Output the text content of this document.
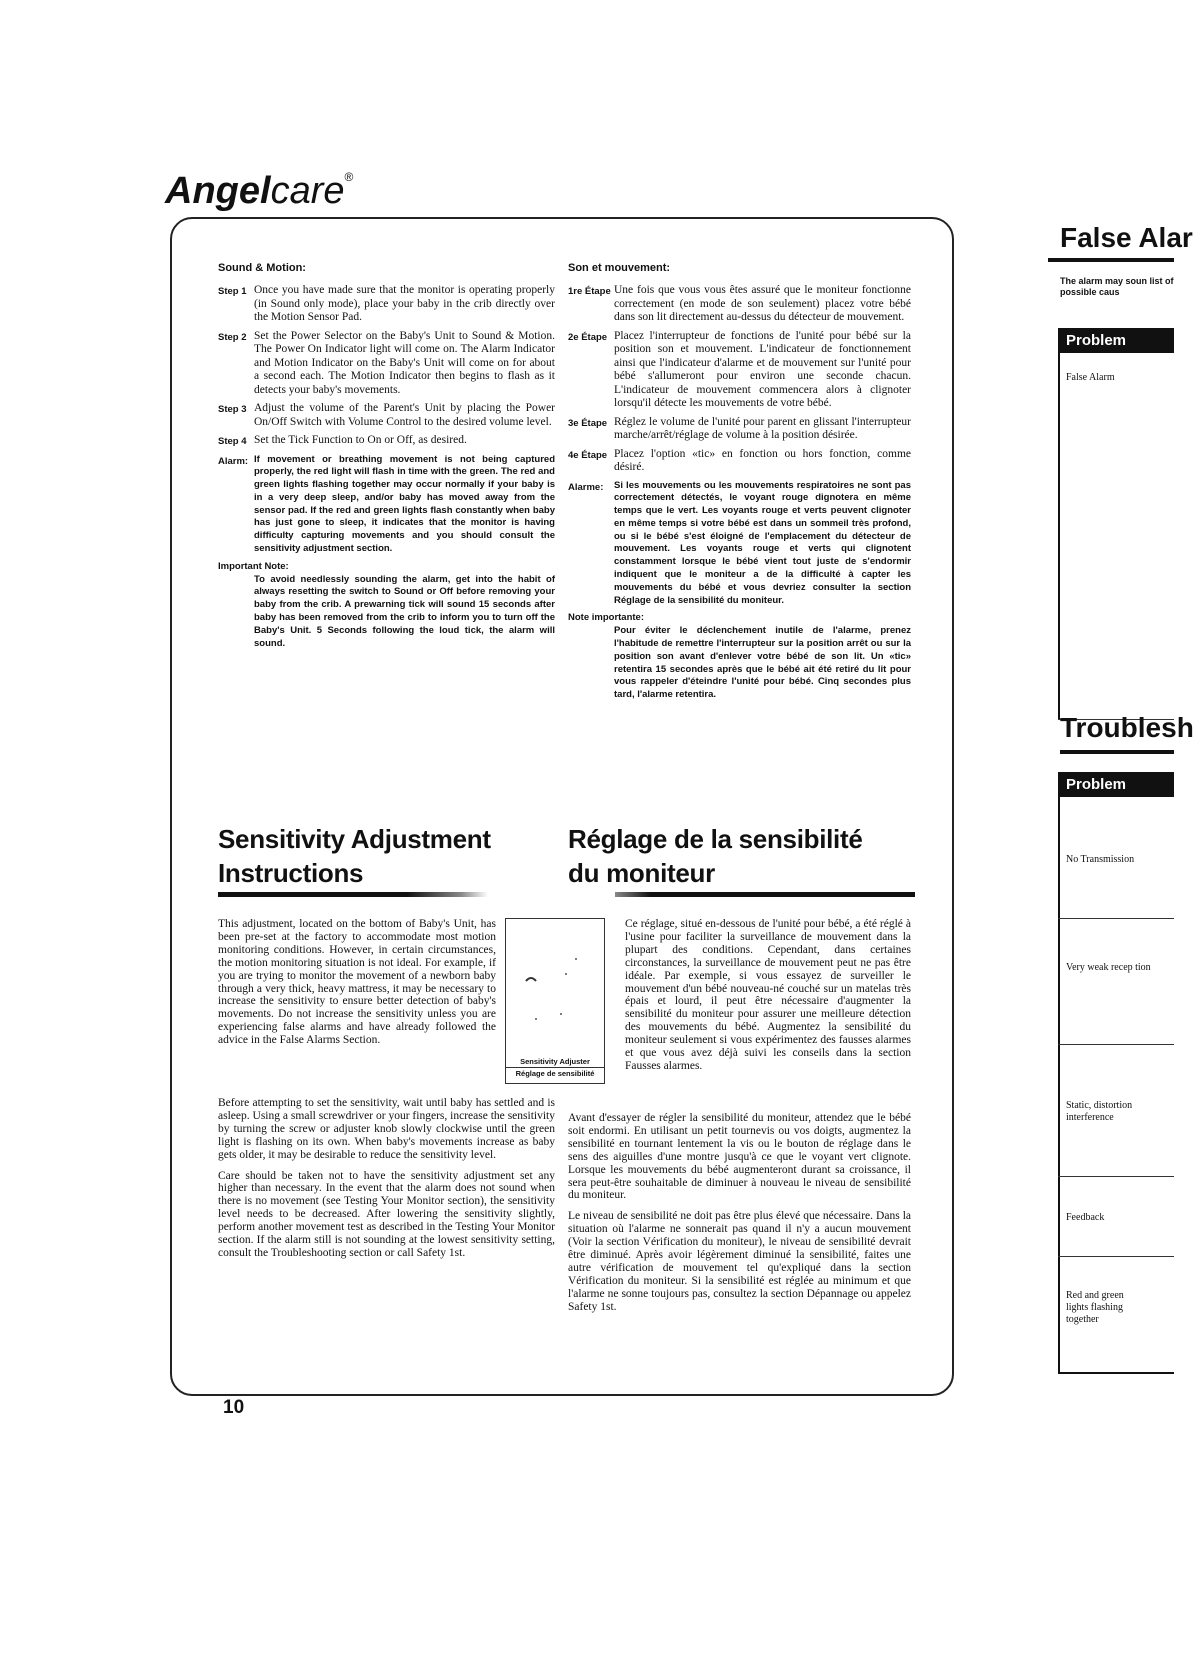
Angelcare®
Sound & Motion:
Step 1 Once you have made sure that the monitor is operating properly (in Sound only mode), place your baby in the crib directly over the Motion Sensor Pad.
Step 2 Set the Power Selector on the Baby's Unit to Sound & Motion. The Power On Indicator light will come on. The Alarm Indicator and Motion Indicator on the Baby's Unit will come on for about a second each. The Motion Indicator then begins to flash as it detects your baby's movements.
Step 3 Adjust the volume of the Parent's Unit by placing the Power On/Off Switch with Volume Control to the desired volume level.
Step 4 Set the Tick Function to On or Off, as desired.
Alarm: If movement or breathing movement is not being captured properly, the red light will flash in time with the green. The red and green lights flashing together may occur normally if your baby is in a very deep sleep, and/or baby has moved away from the sensor pad. If the red and green lights flash constantly when baby has just gone to sleep, it indicates that the monitor is having difficulty capturing movements and you should consult the sensitivity adjustment section.
Important Note:
To avoid needlessly sounding the alarm, get into the habit of always resetting the switch to Sound or Off before removing your baby from the crib. A prewarning tick will sound 15 seconds after baby has been removed from the crib to inform you to turn off the Baby's Unit. 5 Seconds following the loud tick, the alarm will sound.
Son et mouvement:
1re Étape Une fois que vous vous êtes assuré que le moniteur fonctionne correctement (en mode de son seulement) placez votre bébé dans son lit directement au-dessus du détecteur de mouvement.
2e Étape Placez l'interrupteur de fonctions de l'unité pour bébé sur la position son et mouvement. L'indicateur de fonctionnement ainsi que l'indicateur d'alarme et de mouvement sur l'unité pour bébé s'allumeront pour environ une seconde chacun. L'indicateur de mouvement commencera alors à clignoter lorsqu'il détecte les mouvements de votre bébé.
3e Étape Réglez le volume de l'unité pour parent en glissant l'interrupteur marche/arrêt/réglage de volume à la position désirée.
4e Étape Placez l'option «tic» en fonction ou hors fonction, comme désiré.
Alarme:	Si les mouvements ou les mouvements respiratoires ne sont pas correctement détectés, le voyant rouge dignotera en même temps que le vert. Les voyants rouge et verts peuvent clignoter en même temps si votre bébé est dans un sommeil très profond, ou si le bébé s'est éloigné de l'emplacement du détecteur de mouvement. Les voyants rouge et verts qui clignotent constamment lorsque le bébé vient tout juste de s'endormir indiquent que le moniteur a de la difficulté à capter les mouvements du bébé et vous devriez consulter la section Réglage de la sensibilité du moniteur.
Note importante:
Pour éviter le déclenchement inutile de l'alarme, prenez l'habitude de remettre l'interrupteur sur la position arrêt ou sur la position son avant d'enlever votre bébé de son lit. Un «tic» retentira 15 secondes après que le bébé ait été retiré du lit pour vous rappeler d'éteindre l'unité pour bébé. Cinq secondes plus tard, l'alarme retentira.
Sensitivity Adjustment Instructions
Réglage de la sensibilité du moniteur
This adjustment, located on the bottom of Baby's Unit, has been pre-set at the factory to accommodate most motion monitoring conditions. However, in certain circumstances, the motion monitoring situation is not ideal. For example, if you are trying to monitor the movement of a newborn baby through a very thick, heavy mattress, it may be necessary to increase the sensitivity to ensure better detection of baby's movements. Do not increase the sensitivity unless you are experiencing false alarms and have already followed the advice in the False Alarms Section.

Before attempting to set the sensitivity, wait until baby has settled and is asleep. Using a small screwdriver or your fingers, increase the sensitivity by turning the screw or adjuster knob slowly clockwise until the green light is flashing on its own. When baby's movements increase as baby gets older, it may be desirable to reduce the sensitivity level.

Care should be taken not to have the sensitivity adjustment set any higher than necessary. In the event that the alarm does not sound when there is no movement (see Testing Your Monitor section), the sensitivity level needs to be decreased. After lowering the sensitivity slightly, perform another movement test as described in the Testing Your Monitor section. If the alarm still is not sounding at the lowest sensitivity setting, consult the Troubleshooting section or call Safety 1st.

Sensitivity Adjuster
Réglage de sensibilité
Ce réglage, situé en-dessous de l'unité pour bébé, a été réglé à l'usine pour faciliter la surveillance de mouvement dans la plupart des conditions. Cependant, dans certaines circonstances, la surveillance de mouvement peut ne pas être idéale. Par exemple, si vous essayez de surveiller le mouvement d'un bébé nouveau-né couché sur un matelas très épais et lourd, il peut être nécessaire d'augmenter la sensibilité du moniteur pour assurer une meilleure détection des mouvements du bébé. Augmentez la sensibilité du moniteur seulement si vous expérimentez des fausses alarmes et que vous avez déjà suivi les conseils dans la section Fausses alarmes.

Avant d'essayer de régler la sensibilité du moniteur, attendez que le bébé soit endormi. En utilisant un petit tournevis ou vos doigts, augmentez la sensibilité en tournant lentement la vis ou le bouton de réglage dans le sens des aiguilles d'une montre jusqu'à ce que le voyant vert clignote. Lorsque les mouvements du bébé augmenteront durant sa croissance, il sera peut-être souhaitable de diminuer à nouveau le niveau de sensibilité du moniteur.

Le niveau de sensibilité ne doit pas être plus élevé que nécessaire. Dans la situation où l'alarme ne sonnerait pas quand il n'y a aucun mouvement (Voir la section Vérification du moniteur), le niveau de sensibilité devrait être diminué. Après avoir légèrement diminué la sensibilité, faites une autre vérification de mouvement tel qu'expliqué dans la section Vérification du moniteur. Si la sensibilité est réglée au minimum et que l'alarme ne sonne toujours pas, consultez la section Dépannage ou appelez Safety 1st.

10
False Alar
The alarm may soun list of possible caus
Problem
False Alarm
Troublesh
Problem
No Transmission
Very weak recep tion
Static, distortion interference
Feedback
Red and green lights flashing together
